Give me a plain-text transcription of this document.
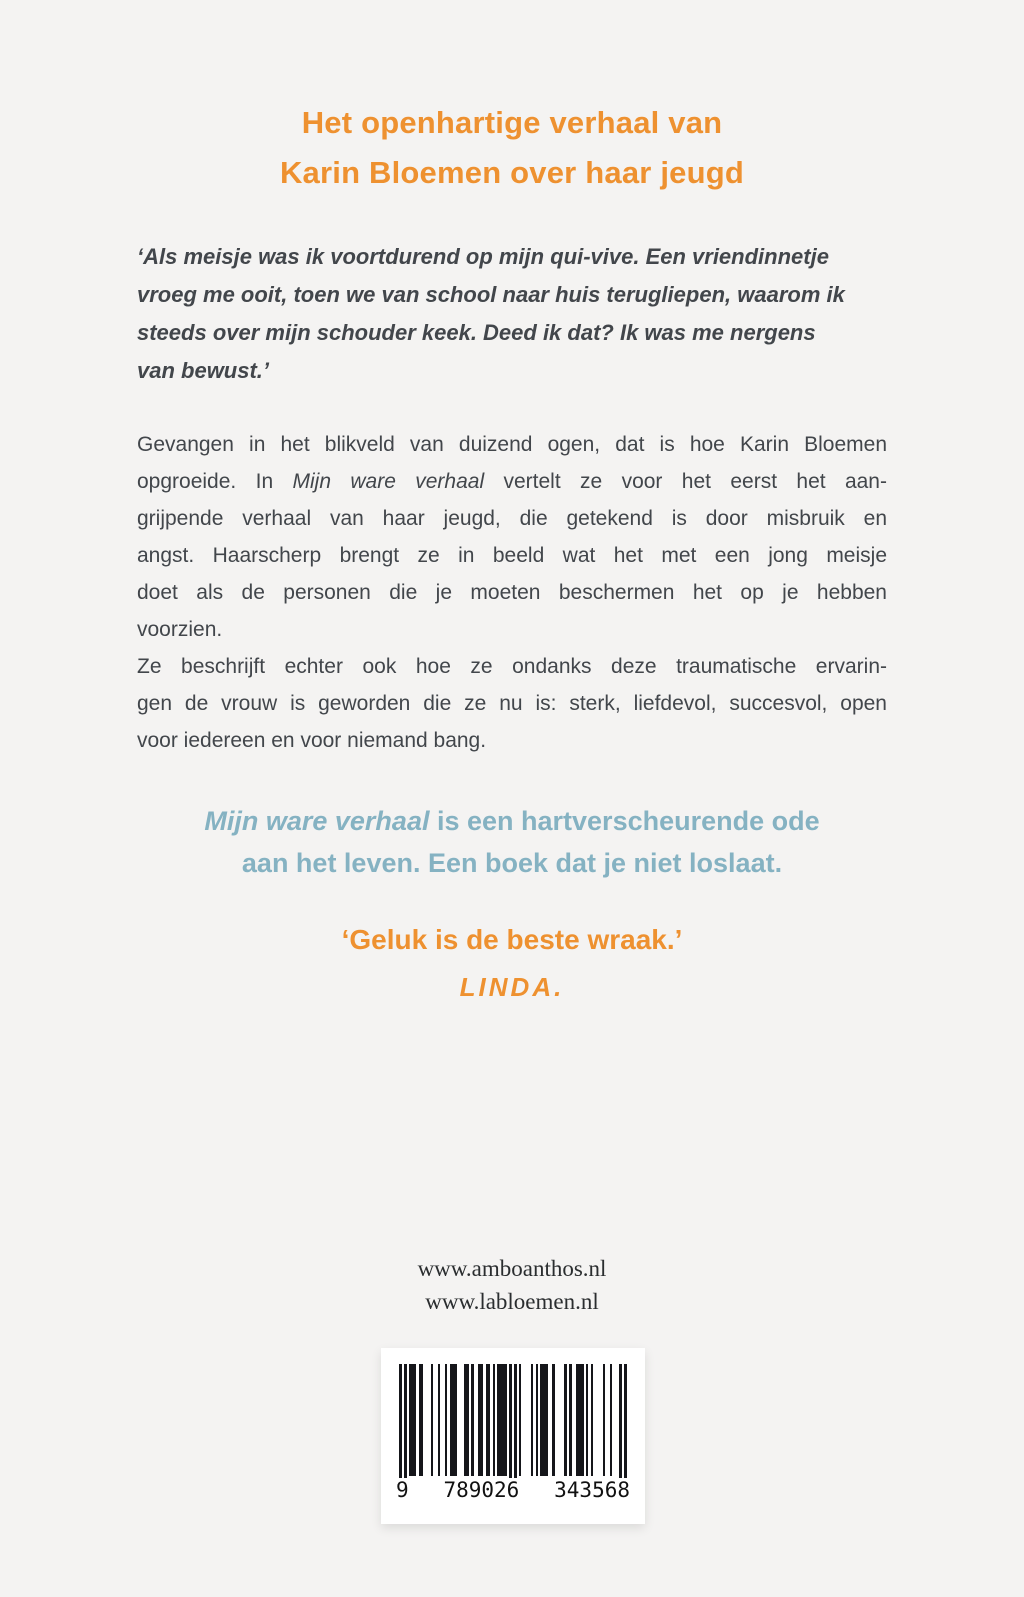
Het openhartige verhaal van
Karin Bloemen over haar jeugd
‘Als meisje was ik voortdurend op mijn qui-vive. Een vriendinnetje
vroeg me ooit, toen we van school naar huis terugliepen, waarom ik
steeds over mijn schouder keek. Deed ik dat? Ik was me nergens
van bewust.’
Gevangen in het blikveld van duizend ogen, dat is hoe Karin Bloemen
opgroeide. In Mijn ware verhaal vertelt ze voor het eerst het aan-
grijpende verhaal van haar jeugd, die getekend is door misbruik en
angst. Haarscherp brengt ze in beeld wat het met een jong meisje
doet als de personen die je moeten beschermen het op je hebben
voorzien.
Ze beschrijft echter ook hoe ze ondanks deze traumatische ervarin-
gen de vrouw is geworden die ze nu is: sterk, liefdevol, succesvol, open
voor iedereen en voor niemand bang.
Mijn ware verhaal is een hartverscheurende ode
aan het leven. Een boek dat je niet loslaat.
‘Geluk is de beste wraak.’
LINDA.
www.amboanthos.nl
www.labloemen.nl
9 789026 343568
